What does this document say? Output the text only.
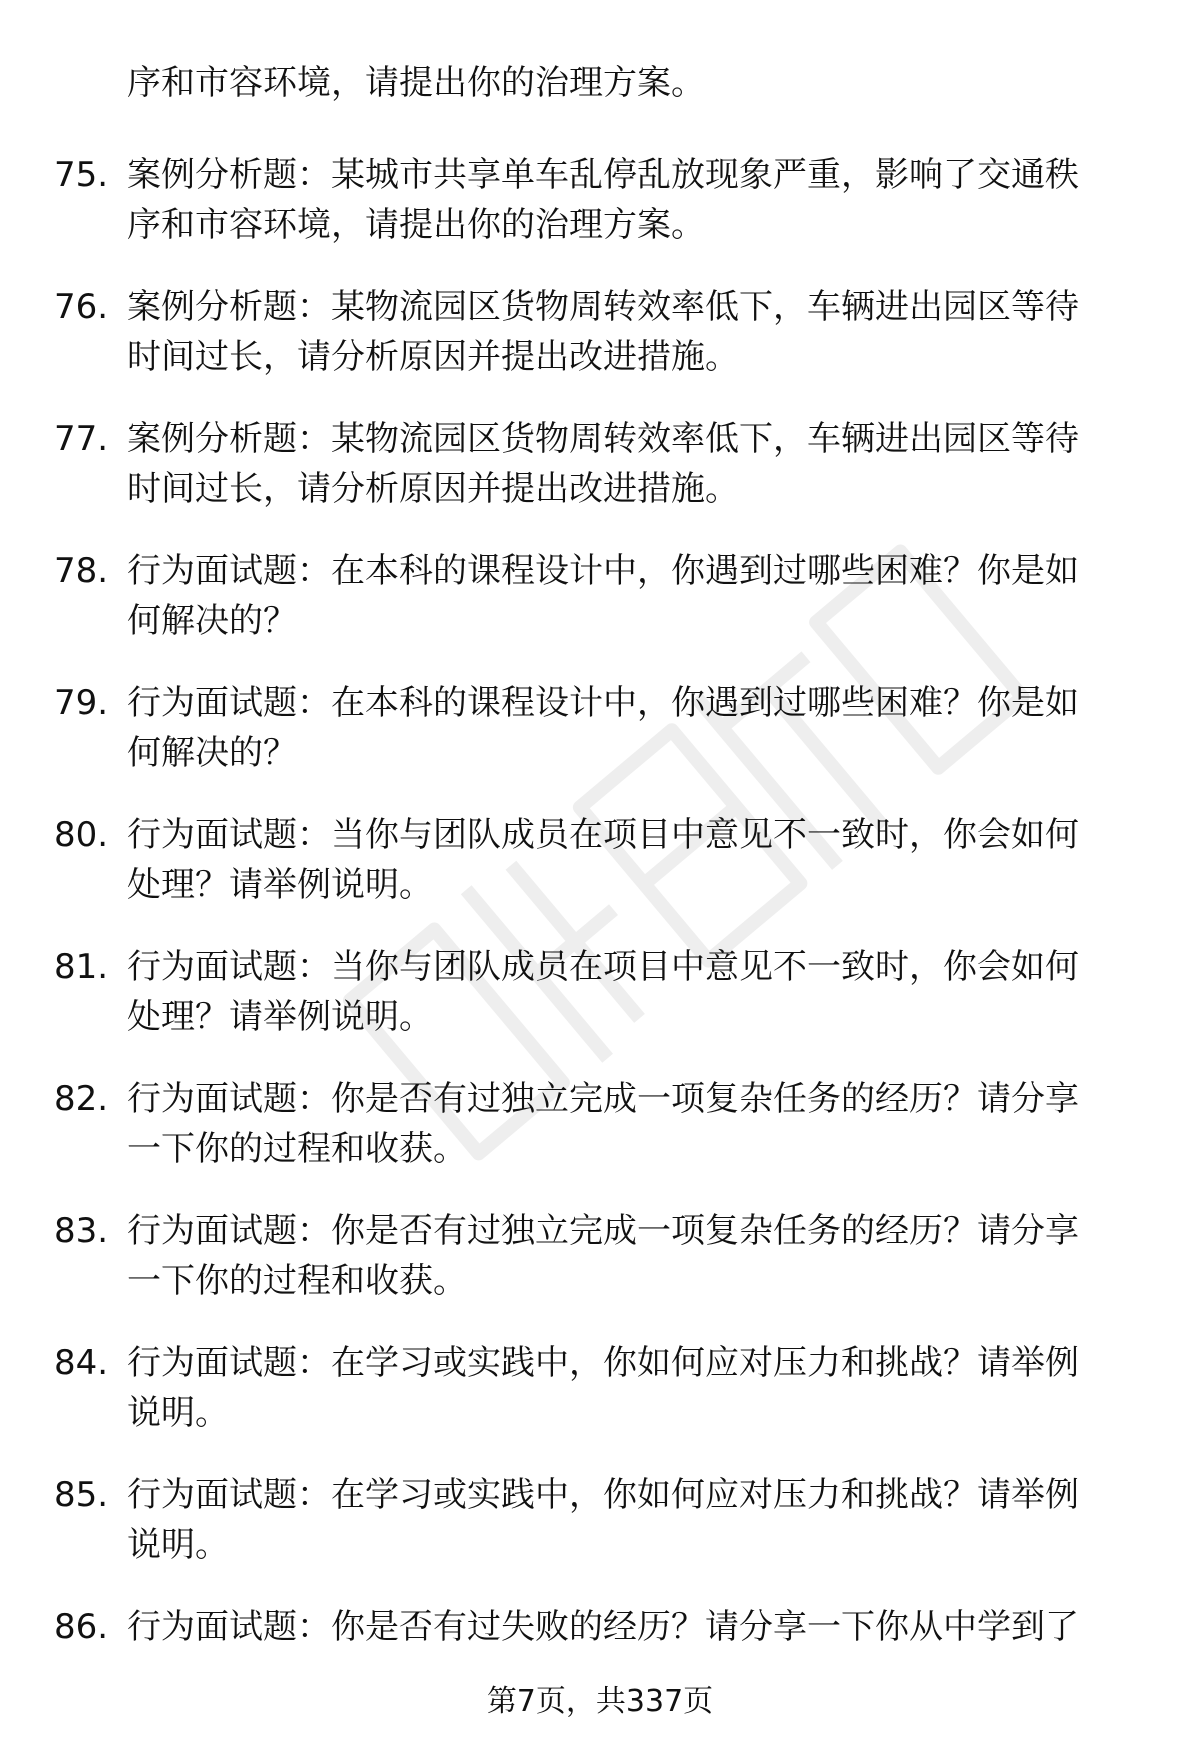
序和市容环境，请提出你的治理方案。
75. 案例分析题：某城市共享单车乱停乱放现象严重，影响了交通秩
序和市容环境，请提出你的治理方案。
76. 案例分析题：某物流园区货物周转效率低下，车辆进出园区等待
时间过长，请分析原因并提出改进措施。
77. 案例分析题：某物流园区货物周转效率低下，车辆进出园区等待
时间过长，请分析原因并提出改进措施。
78. 行为面试题：在本科的课程设计中，你遇到过哪些困难？你是如
何解决的？
79. 行为面试题：在本科的课程设计中，你遇到过哪些困难？你是如
何解决的？
80. 行为面试题：当你与团队成员在项目中意见不一致时，你会如何
处理？请举例说明。
81. 行为面试题：当你与团队成员在项目中意见不一致时，你会如何
处理？请举例说明。
82. 行为面试题：你是否有过独立完成一项复杂任务的经历？请分享
一下你的过程和收获。
83. 行为面试题：你是否有过独立完成一项复杂任务的经历？请分享
一下你的过程和收获。
84. 行为面试题：在学习或实践中，你如何应对压力和挑战？请举例
说明。
85. 行为面试题：在学习或实践中，你如何应对压力和挑战？请举例
说明。
86. 行为面试题：你是否有过失败的经历？请分享一下你从中学到了
第7页，共337页
